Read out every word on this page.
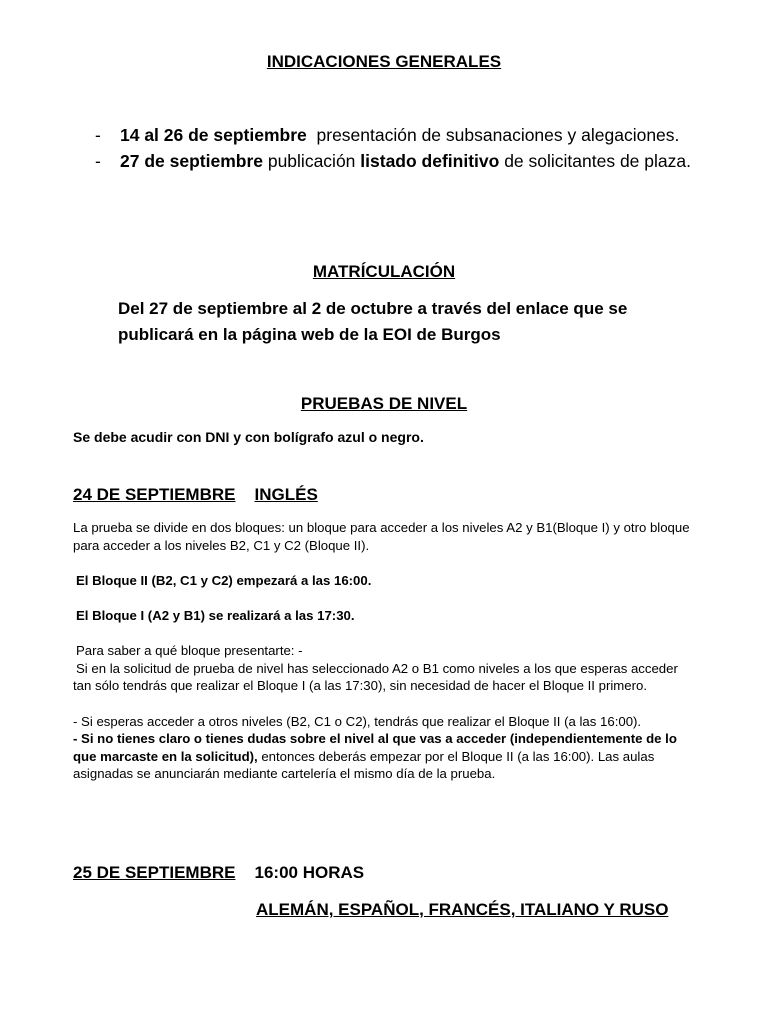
INDICACIONES GENERALES
- 14 al 26 de septiembre  presentación de subsanaciones y alegaciones.
- 27 de septiembre publicación listado definitivo de solicitantes de plaza.
MATRÍCULACIÓN
Del 27 de septiembre al 2 de octubre a través del enlace que se publicará en la página web de la EOI de Burgos
PRUEBAS DE NIVEL
Se debe acudir con DNI y con bolígrafo azul o negro.
24 DE SEPTIEMBRE INGLÉS
La prueba se divide en dos bloques: un bloque para acceder a los niveles A2 y B1(Bloque I) y otro bloque para acceder a los niveles B2, C1 y C2 (Bloque II).
El Bloque II (B2, C1 y C2) empezará a las 16:00.
El Bloque I (A2 y B1) se realizará a las 17:30.
Para saber a qué bloque presentarte: -
Si en la solicitud de prueba de nivel has seleccionado A2 o B1 como niveles a los que esperas acceder tan sólo tendrás que realizar el Bloque I (a las 17:30), sin necesidad de hacer el Bloque II primero.
- Si esperas acceder a otros niveles (B2, C1 o C2), tendrás que realizar el Bloque II (a las 16:00).
- Si no tienes claro o tienes dudas sobre el nivel al que vas a acceder (independientemente de lo que marcaste en la solicitud), entonces deberás empezar por el Bloque II (a las 16:00). Las aulas asignadas se anunciarán mediante cartelería el mismo día de la prueba.
25 DE SEPTIEMBRE 16:00 HORAS
ALEMÁN, ESPAÑOL, FRANCÉS, ITALIANO Y RUSO
